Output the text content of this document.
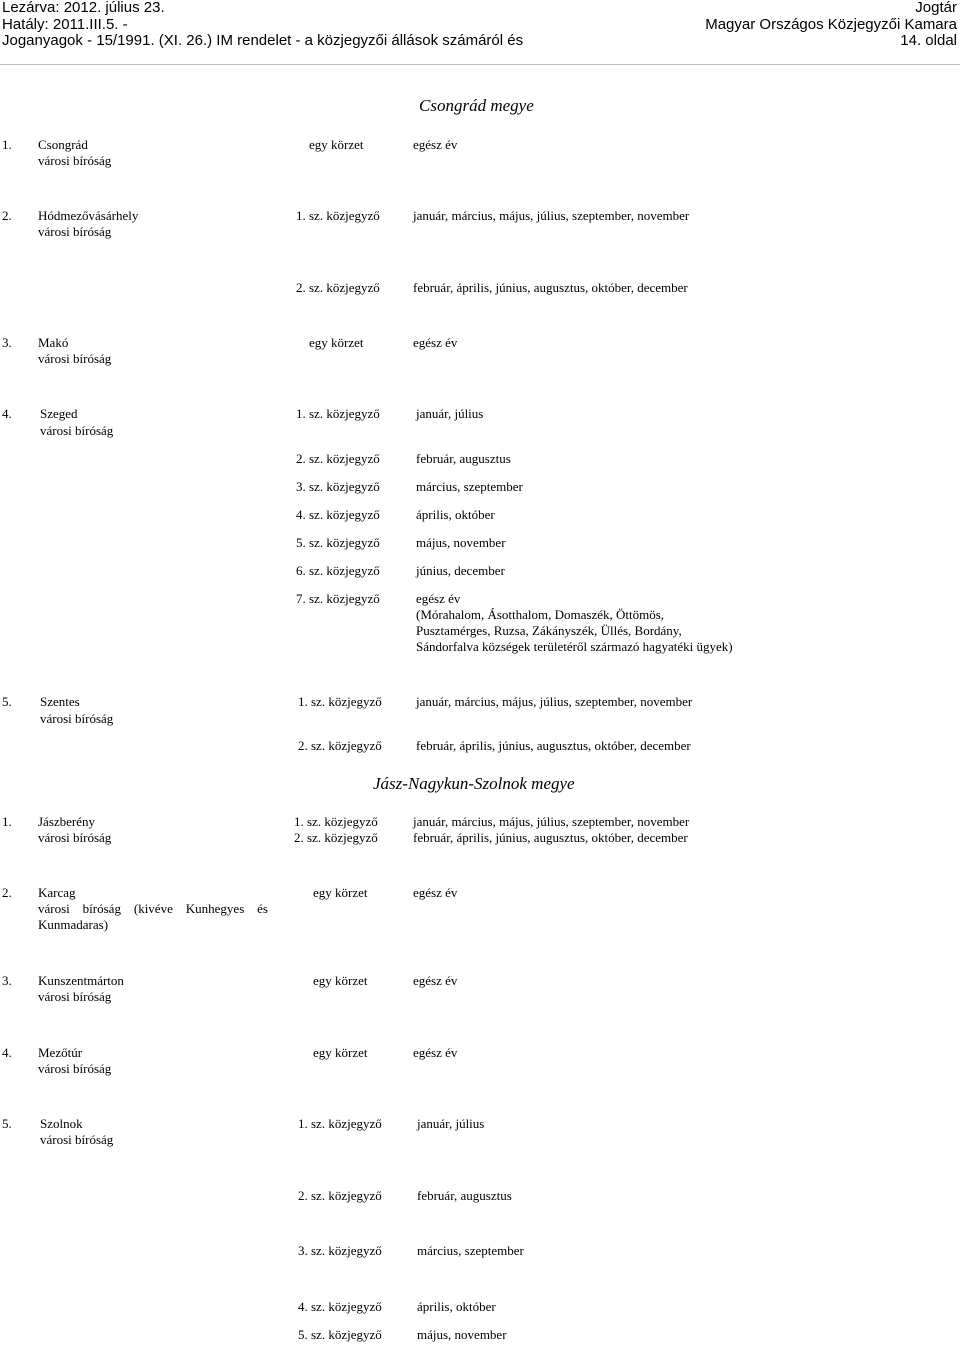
Lezárva: 2012. július 23.
Hatály: 2011.III.5. -
Joganyagok - 15/1991. (XI. 26.) IM rendelet - a közjegyzői állások számáról és
Jogtár
Magyar Országos Közjegyzői Kamara
14. oldal
Csongrád megye
1. Csongrád
városi bíróság
egy körzet	egész év
2. Hódmezővásárhely
városi bíróság
1. sz. közjegyző	január, március, május, július, szeptember, november
2. sz. közjegyző	február, április, június, augusztus, október, december
3. Makó
városi bíróság
egy körzet	egész év
4. Szeged
városi bíróság
1. sz. közjegyző	január, július
2. sz. közjegyző	február, augusztus
3. sz. közjegyző	március, szeptember
4. sz. közjegyző	április, október
5. sz. közjegyző	május, november
6. sz. közjegyző	június, december
7. sz. közjegyző	egész év
(Mórahalom, Ásotthalom, Domaszék, Öttömös,
Pusztamérges, Ruzsa, Zákányszék, Üllés, Bordány,
Sándorfalva községek területéről származó hagyatéki ügyek)
5. Szentes
városi bíróság
1. sz. közjegyző	január, március, május, július, szeptember, november
2. sz. közjegyző	február, április, június, augusztus, október, december
Jász-Nagykun-Szolnok megye
1. Jászberény
városi bíróság
1. sz. közjegyző	január, március, május, július, szeptember, november
2. sz. közjegyző	február, április, június, augusztus, október, december
2. Karcag
városi bíróság (kivéve Kunhegyes és
Kunmadaras)
egy körzet	egész év
3. Kunszentmárton
városi bíróság
egy körzet	egész év
4. Mezőtúr
városi bíróság
egy körzet	egész év
5. Szolnok
városi bíróság
1. sz. közjegyző	január, július
2. sz. közjegyző	február, augusztus
3. sz. közjegyző	március, szeptember
4. sz. közjegyző	április, október
5. sz. közjegyző	május, november
